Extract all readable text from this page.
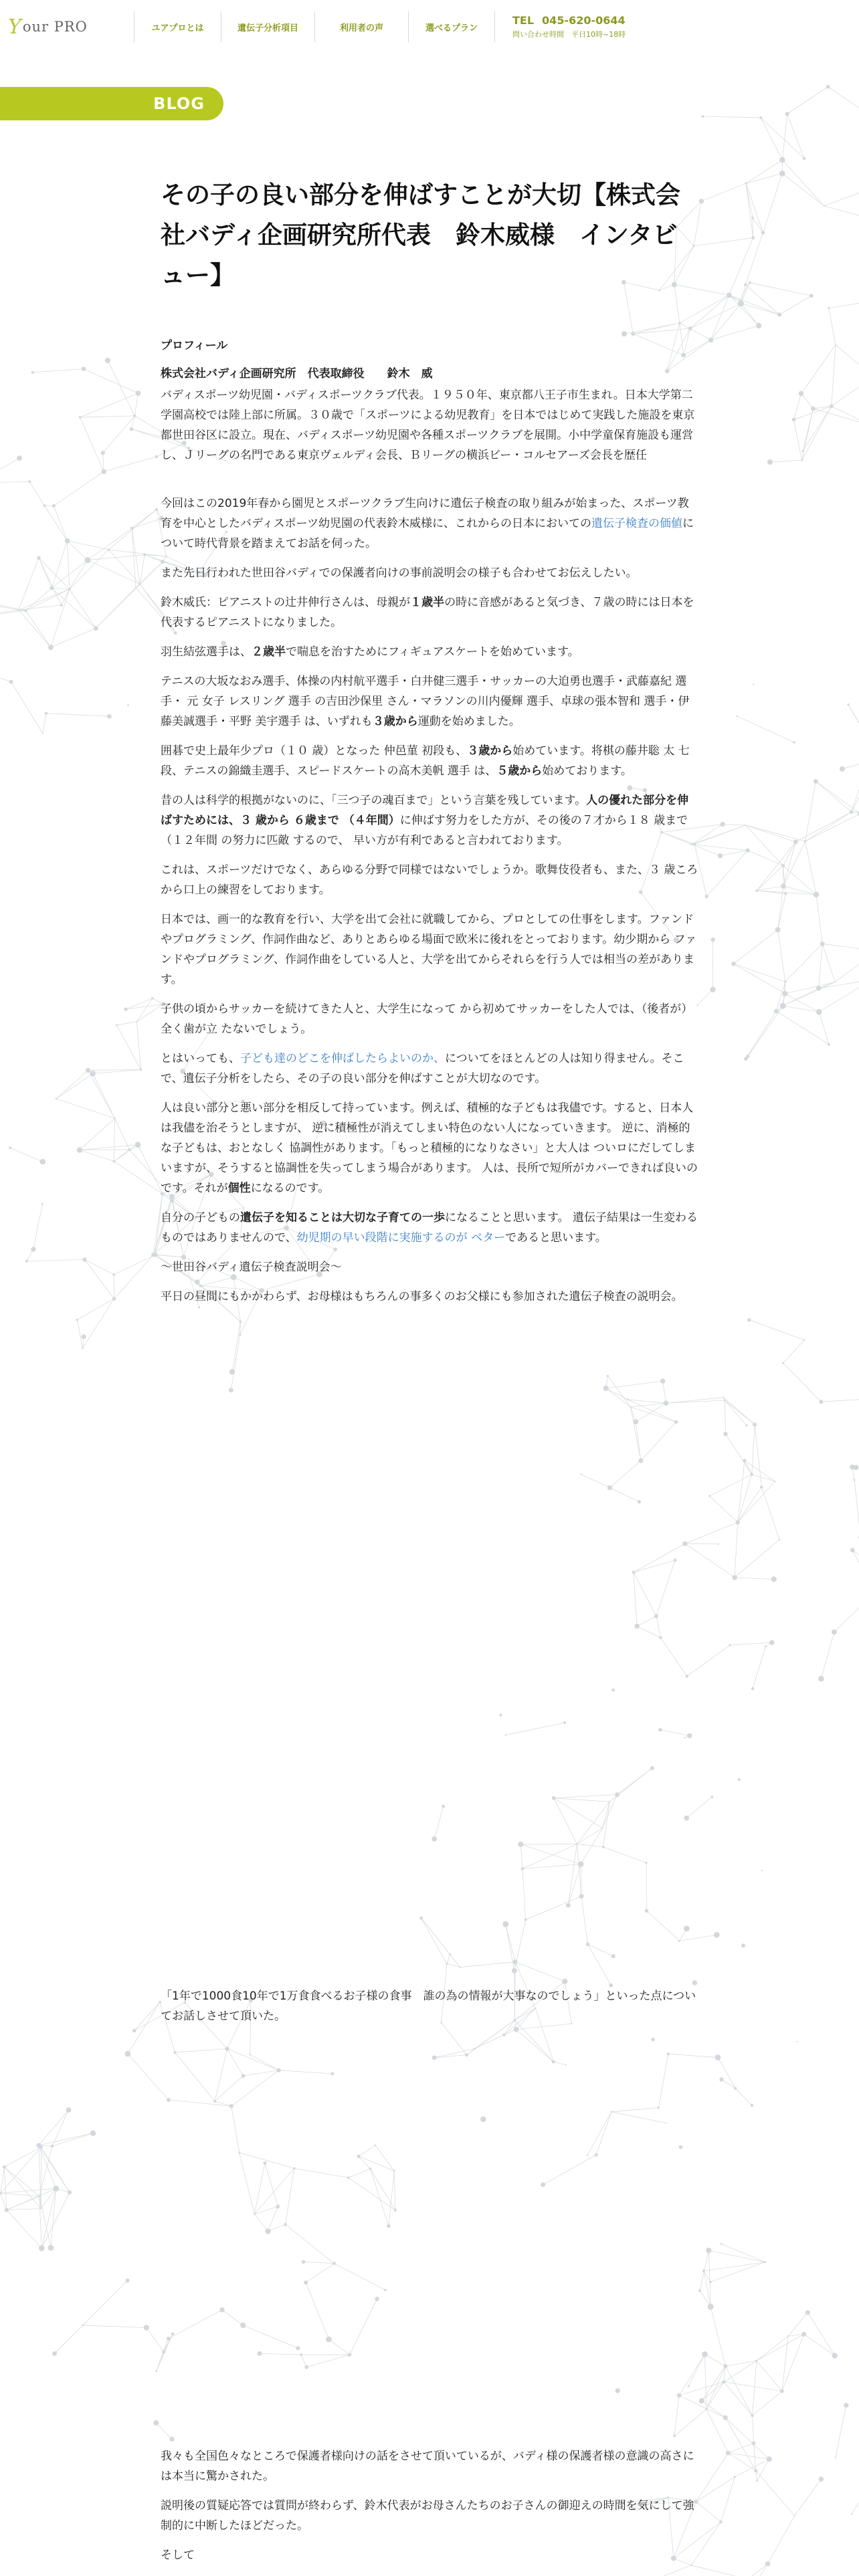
Y our PRO	ユアプロとは	遺伝子分析項目	利用者の声	選べるプラン
TEL 045-620-0644
問い合わせ時間　平日10時~18時
BLOG
その子の良い部分を伸ばすことが大切【株式会社バディ企画研究所代表　鈴木威様　インタビュー】
プロフィール
株式会社バディ企画研究所　代表取締役　　鈴木　威

バディスポーツ幼児園・バディスポーツクラブ代表。１９５０年、東京都八王子市生まれ。日本大学第二学園高校では陸上部に所属。３０歳で「スポーツによる幼児教育」を日本ではじめて実践した施設を東京都世田谷区に設立。現在、バディスポーツ幼児園や各種スポーツクラブを展開。小中学童保育施設も運営し、Ｊリーグの名門である東京ヴェルディ会長、Ｂリーグの横浜ビー・コルセアーズ会長を歴任

今回はこの2019年春から園児とスポーツクラブ生向けに遺伝子検査の取り組みが始まった、スポーツ教育を中心としたバディスポーツ幼児園の代表鈴木威様に、これからの日本においての遺伝子検査の価値について時代背景を踏まえてお話を伺った。

また先日行われた世田谷バディでの保護者向けの事前説明会の様子も合わせてお伝えしたい。

鈴木威氏：ピアニストの辻井伸行さんは、母親が１歳半の時に音感があると気づき、７歳の時には日本を代表するピアニストになりました。

羽生結弦選手は、２歳半で喘息を治すためにフィギュアスケートを始めています。

テニスの大坂なおみ選手、体操の内村航平選手・白井健三選手・サッカーの大迫勇也選手・武藤嘉紀 選手・ 元 女子 レスリング 選手 の吉田沙保里 さん・マラソンの川内優輝 選手、卓球の張本智和 選手・伊藤美誠選手・平野 美宇選手 は、いずれも３歳から運動を始めました。

囲碁で史上最年少プロ（１０ 歳）となった 仲邑菫 初段も、３歳から始めています。将棋の藤井聡 太 七段、テニスの錦織圭選手、スピードスケートの高木美帆 選手 は、５歳から始めております。

昔の人は科学的根拠がないのに、「三つ子の魂百まで」という言葉を残しています。人の優れた部分を伸ばすためには、３ 歳から ６歳まで （４年間）に伸ばす努力をした方が、その後の７才から１８ 歳まで （１２年間 の努力に匹敵 するので、 早い方が有利であると言われております。

これは、スポーツだけでなく、あらゆる分野で同様ではないでしょうか。歌舞伎役者も、また、３ 歳ころから口上の練習をしております。

日本では、画一的な教育を行い、大学を出て会社に就職してから、プロとしての仕事をします。ファンドやプログラミング、作詞作曲など、ありとあらゆる場面で欧米に後れをとっております。幼少期から ファンドやプログラミング、作詞作曲をしている人と、大学を出てからそれらを行う人では相当の差があります。

子供の頃からサッカーを続けてきた人と、大学生になって から初めてサッカーをした人では、（後者が）全く歯が立 たないでしょう。

とはいっても、子ども達のどこを伸ばしたらよいのか、についてをほとんどの人は知り得ません。そこで、遺伝子分析をしたら、その子の良い部分を伸ばすことが大切なのです。

人は良い部分と悪い部分を相反して持っています。例えば、積極的な子どもは我儘です。すると、日本人は我儘を治そうとしますが、 逆に積極性が消えてしまい特色のない人になっていきます。 逆に、消極的 な子どもは、おとなしく 協調性があります。「もっと積極的になりなさい」と大人は ついロにだしてしまいますが、そうすると協調性を失ってしまう場合があります。 人は、長所で短所がカバーできれば良いのです。それが個性になるのです。

自分の子どもの遺伝子を知ることは大切な子育ての一歩になることと思います。 遺伝子結果は一生変わるものではありませんので、幼児期の早い段階に実施するのが ベターであると思います。

～世田谷バディ遺伝子検査説明会～

平日の昼間にもかかわらず、お母様はもちろんの事多くのお父様にも参加された遺伝子検査の説明会。

「1年で1000食10年で1万食食べるお子様の食事　誰の為の情報が大事なのでしょう」といった点についてお話しさせて頂いた。

我々も全国色々なところで保護者様向けの話をさせて頂いているが、バディ様の保護者様の意識の高さには本当に驚かされた。

説明後の質疑応答では質問が終わらず、鈴木代表がお母さんたちのお子さんの御迎えの時間を気にして強制的に中断したほどだった。

そして
